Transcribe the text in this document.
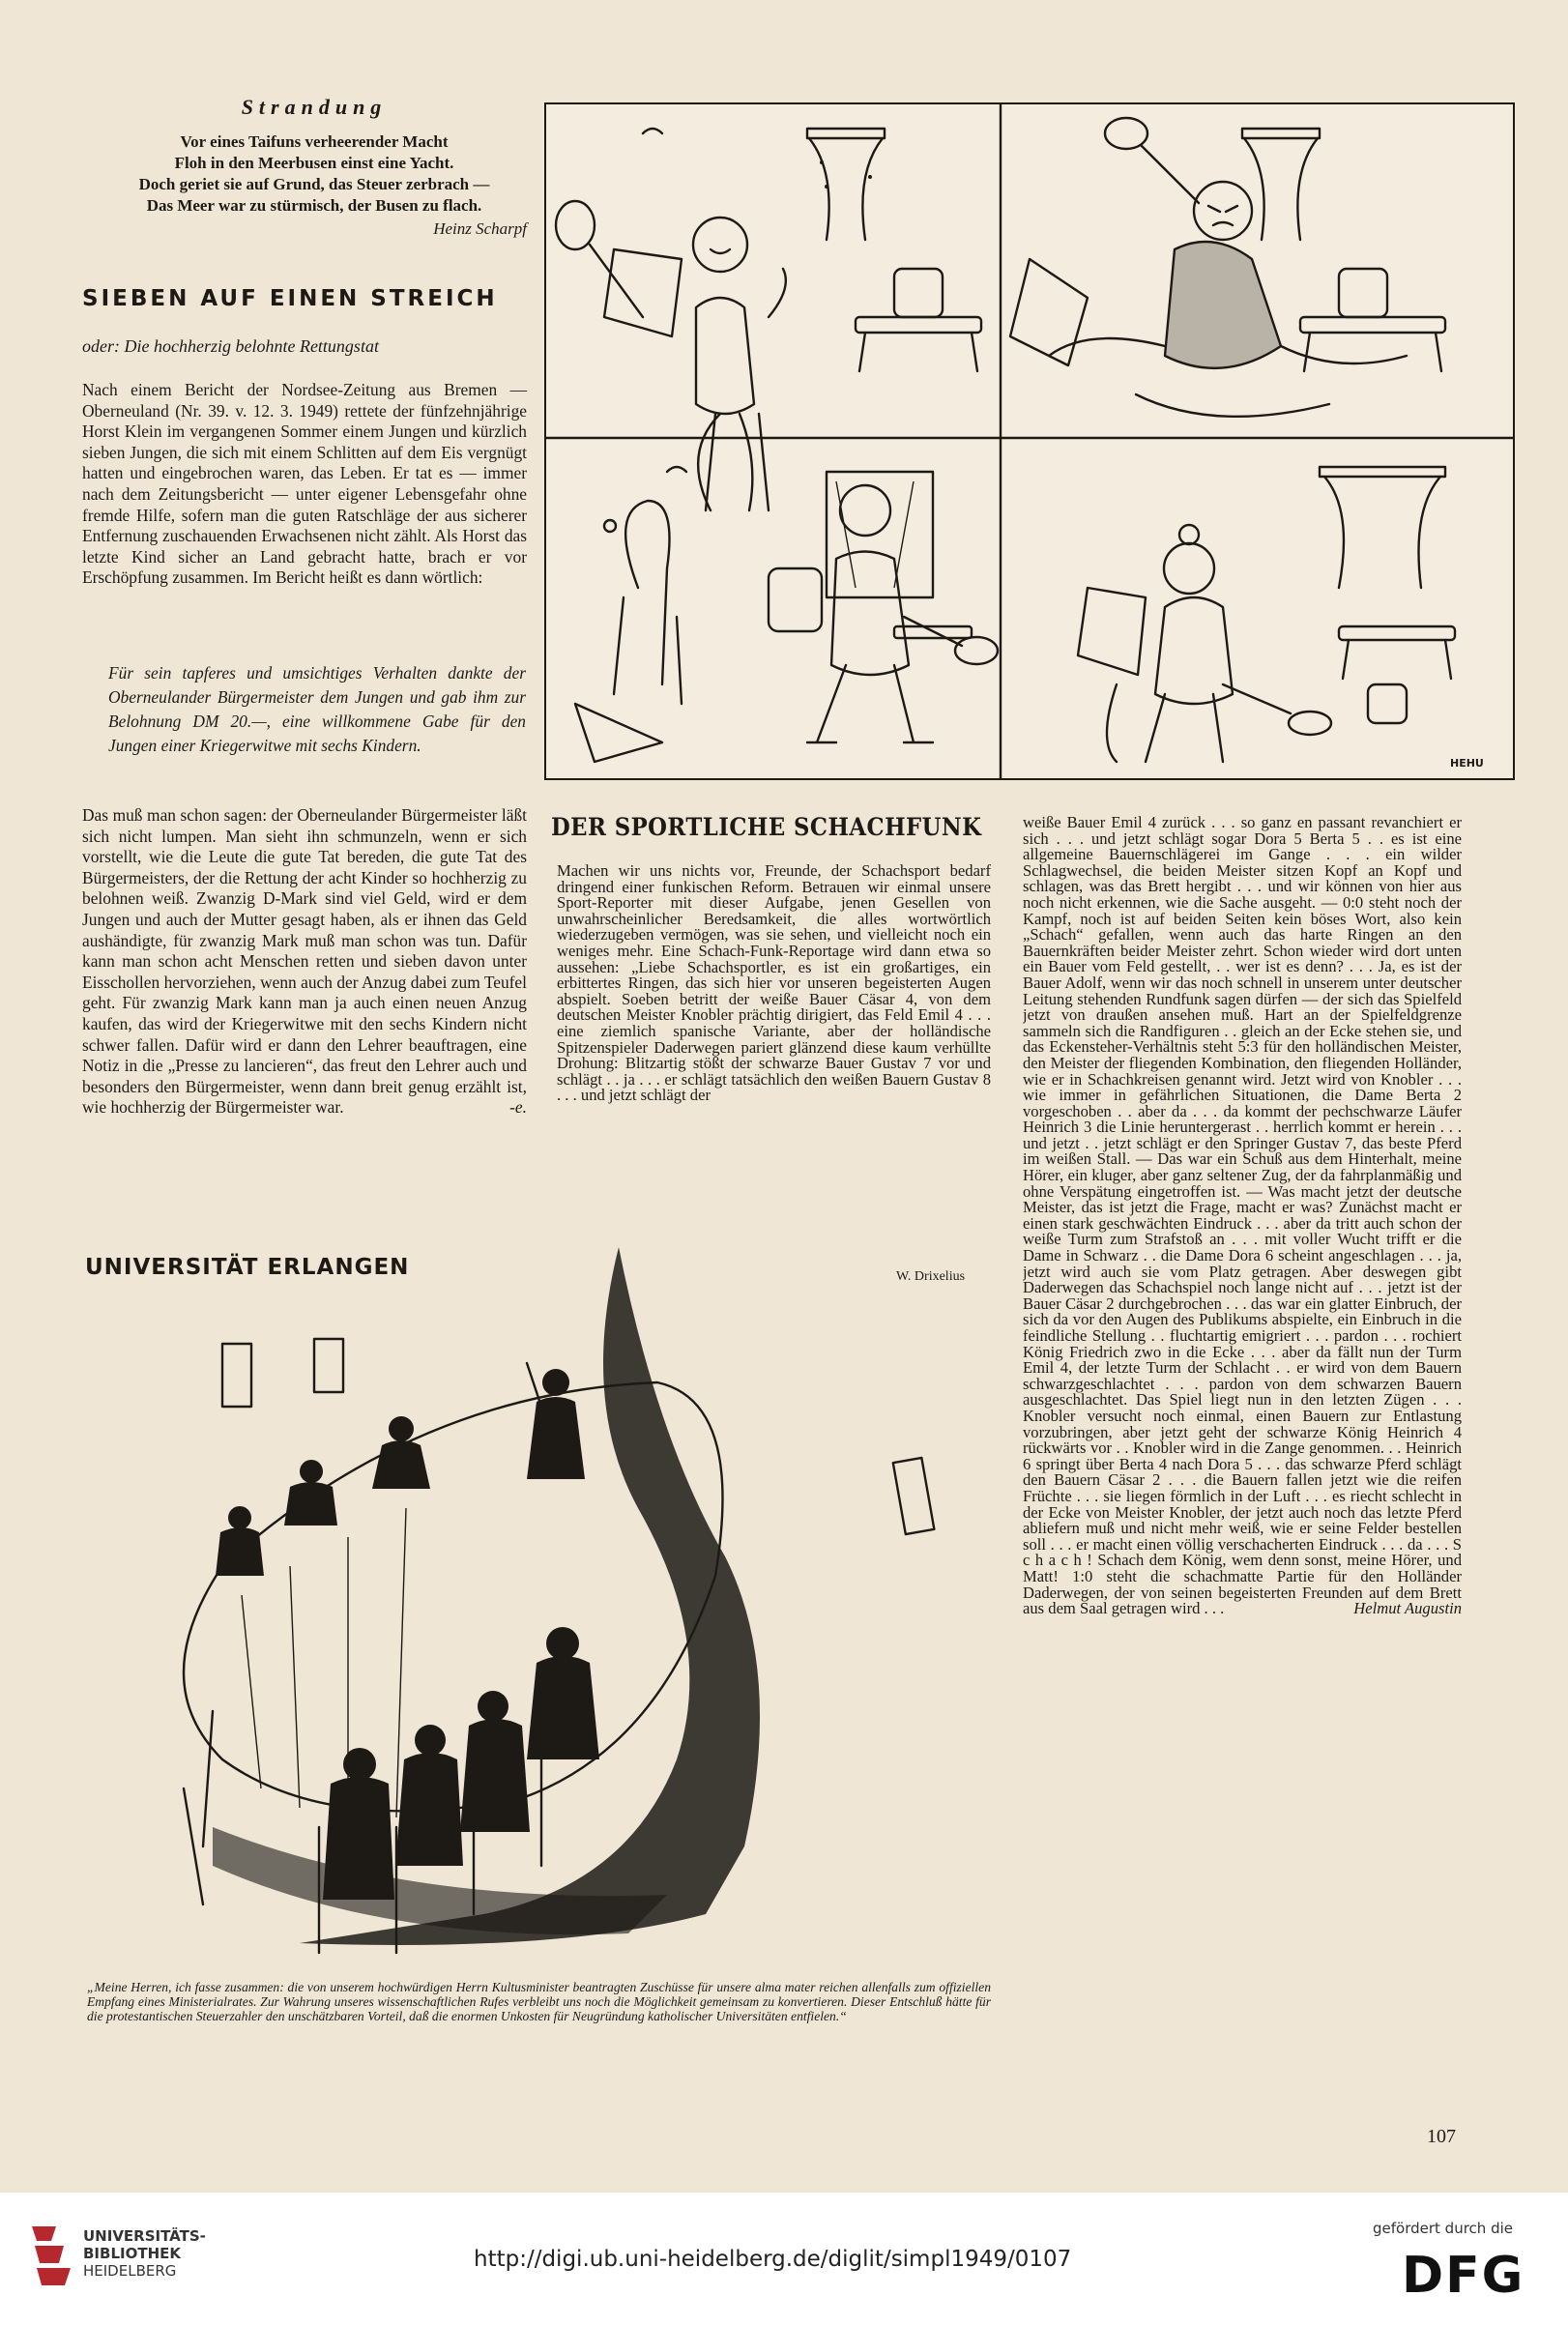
Strandung
Vor eines Taifuns verheerender Macht
Floh in den Meerbusen einst eine Yacht.
Doch geriet sie auf Grund, das Steuer zerbrach —
Das Meer war zu stürmisch, der Busen zu flach.
Heinz Scharpf
SIEBEN AUF EINEN STREICH
oder: Die hochherzig belohnte Rettungstat

Nach einem Bericht der Nordsee-Zeitung aus Bremen — Oberneuland (Nr. 39. v. 12. 3. 1949) rettete der fünfzehnjährige Horst Klein im vergangenen Sommer einem Jungen und kürzlich sieben Jungen, die sich mit einem Schlitten auf dem Eis vergnügt hatten und eingebrochen waren, das Leben. Er tat es — immer nach dem Zeitungsbericht — unter eigener Lebensgefahr ohne fremde Hilfe, sofern man die guten Ratschläge der aus sicherer Entfernung zuschauenden Erwachsenen nicht zählt. Als Horst das letzte Kind sicher an Land gebracht hatte, brach er vor Erschöpfung zusammen. Im Bericht heißt es dann wörtlich:

Für sein tapferes und umsichtiges Verhalten dankte der Oberneulander Bürgermeister dem Jungen und gab ihm zur Belohnung DM 20.—, eine willkommene Gabe für den Jungen einer Kriegerwitwe mit sechs Kindern.

Das muß man schon sagen: der Oberneulander Bürgermeister läßt sich nicht lumpen. Man sieht ihn schmunzeln, wenn er sich vorstellt, wie die Leute die gute Tat bereden, die gute Tat des Bürgermeisters, der die Rettung der acht Kinder so hochherzig zu belohnen weiß. Zwanzig D-Mark sind viel Geld, wird er dem Jungen und auch der Mutter gesagt haben, als er ihnen das Geld aushändigte, für zwanzig Mark muß man schon was tun. Dafür kann man schon acht Menschen retten und sieben davon unter Eisschollen hervorziehen, wenn auch der Anzug dabei zum Teufel geht. Für zwanzig Mark kann man ja auch einen neuen Anzug kaufen, das wird der Kriegerwitwe mit den sechs Kindern nicht schwer fallen. Dafür wird er dann den Lehrer beauftragen, eine Notiz in die „Presse zu lancieren“, das freut den Lehrer auch und besonders den Bürgermeister, wenn dann breit genug erzählt ist, wie hochherzig der Bürgermeister war.	-e.

HEHU
DER SPORTLICHE SCHACHFUNK
Machen wir uns nichts vor, Freunde, der Schachsport bedarf dringend einer funkischen Reform. Betrauen wir einmal unsere Sport-Reporter mit dieser Aufgabe, jenen Gesellen von unwahrscheinlicher Beredsamkeit, die alles wortwörtlich wiederzugeben vermögen, was sie sehen, und vielleicht noch ein weniges mehr. Eine Schach-Funk-Reportage wird dann etwa so aussehen: „Liebe Schachsportler, es ist ein großartiges, ein erbittertes Ringen, das sich hier vor unseren begeisterten Augen abspielt. Soeben betritt der weiße Bauer Cäsar 4, von dem deutschen Meister Knobler prächtig dirigiert, das Feld Emil 4 . . . eine ziemlich spanische Variante, aber der holländische Spitzenspieler Daderwegen pariert glänzend diese kaum verhüllte Drohung: Blitzartig stößt der schwarze Bauer Gustav 7 vor und schlägt . . ja . . . er schlägt tatsächlich den weißen Bauern Gustav 8 . . . und jetzt schlägt der
weiße Bauer Emil 4 zurück . . . so ganz en passant revanchiert er sich . . . und jetzt schlägt sogar Dora 5 Berta 5 . . es ist eine allgemeine Bauernschlägerei im Gange . . . ein wilder Schlagwechsel, die beiden Meister sitzen Kopf an Kopf und schlagen, was das Brett hergibt . . . und wir können von hier aus noch nicht erkennen, wie die Sache ausgeht. — 0:0 steht noch der Kampf, noch ist auf beiden Seiten kein böses Wort, also kein „Schach“ gefallen, wenn auch das harte Ringen an den Bauernkräften beider Meister zehrt. Schon wieder wird dort unten ein Bauer vom Feld gestellt, . . wer ist es denn? . . . Ja, es ist der Bauer Adolf, wenn wir das noch schnell in unserem unter deutscher Leitung stehenden Rundfunk sagen dürfen — der sich das Spielfeld jetzt von draußen ansehen muß. Hart an der Spielfeldgrenze sammeln sich die Randfiguren . . gleich an der Ecke stehen sie, und das Eckensteher-Verhältnis steht 5:3 für den holländischen Meister, den Meister der fliegenden Kombination, den fliegenden Holländer, wie er in Schachkreisen genannt wird. Jetzt wird von Knobler . . . wie immer in gefährlichen Situationen, die Dame Berta 2 vorgeschoben . . aber da . . . da kommt der pechschwarze Läufer Heinrich 3 die Linie heruntergerast . . herrlich kommt er herein . . . und jetzt . . jetzt schlägt er den Springer Gustav 7, das beste Pferd im weißen Stall. — Das war ein Schuß aus dem Hinterhalt, meine Hörer, ein kluger, aber ganz seltener Zug, der da fahrplanmäßig und ohne Verspätung eingetroffen ist. — Was macht jetzt der deutsche Meister, das ist jetzt die Frage, macht er was? Zunächst macht er einen stark geschwächten Eindruck . . . aber da tritt auch schon der weiße Turm zum Strafstoß an . . . mit voller Wucht trifft er die Dame in Schwarz . . die Dame Dora 6 scheint angeschlagen . . . ja, jetzt wird auch sie vom Platz getragen. Aber deswegen gibt Daderwegen das Schachspiel noch lange nicht auf . . . jetzt ist der Bauer Cäsar 2 durchgebrochen . . . das war ein glatter Einbruch, der sich da vor den Augen des Publikums abspielte, ein Einbruch in die feindliche Stellung . . fluchtartig emigriert . . . pardon . . . rochiert König Friedrich zwo in die Ecke . . . aber da fällt nun der Turm Emil 4, der letzte Turm der Schlacht . . er wird von dem Bauern schwarzgeschlachtet . . . pardon von dem schwarzen Bauern ausgeschlachtet. Das Spiel liegt nun in den letzten Zügen . . . Knobler versucht noch einmal, einen Bauern zur Entlastung vorzubringen, aber jetzt geht der schwarze König Heinrich 4 rückwärts vor . . Knobler wird in die Zange genommen. . . Heinrich 6 springt über Berta 4 nach Dora 5 . . . das schwarze Pferd schlägt den Bauern Cäsar 2 . . . die Bauern fallen jetzt wie die reifen Früchte . . . sie liegen förmlich in der Luft . . . es riecht schlecht in der Ecke von Meister Knobler, der jetzt auch noch das letzte Pferd abliefern muß und nicht mehr weiß, wie er seine Felder bestellen soll . . . er macht einen völlig verschacherten Eindruck . . . da . . . S c h a c h ! Schach dem König, wem denn sonst, meine Hörer, und Matt! 1:0 steht die schachmatte Partie für den Holländer Daderwegen, der von seinen begeisterten Freunden auf dem Brett aus dem Saal getragen wird . . .	Helmut Augustin
UNIVERSITÄT ERLANGEN	W. Drixelius
„Meine Herren, ich fasse zusammen: die von unserem hochwürdigen Herrn Kultusminister beantragten Zuschüsse für unsere alma mater reichen allenfalls zum offiziellen Empfang eines Ministerialrates. Zur Wahrung unseres wissenschaftlichen Rufes verbleibt uns noch die Möglichkeit gemeinsam zu konvertieren. Dieser Entschluß hätte für die protestantischen Steuerzahler den unschätzbaren Vorteil, daß die enormen Unkosten für Neugründung katholischer Universitäten entfielen.“
107
UNIVERSITÄTS-
BIBLIOTHEK
HEIDELBERG	http://digi.ub.uni-heidelberg.de/diglit/simpl1949/0107
gefördert durch die
DFG
